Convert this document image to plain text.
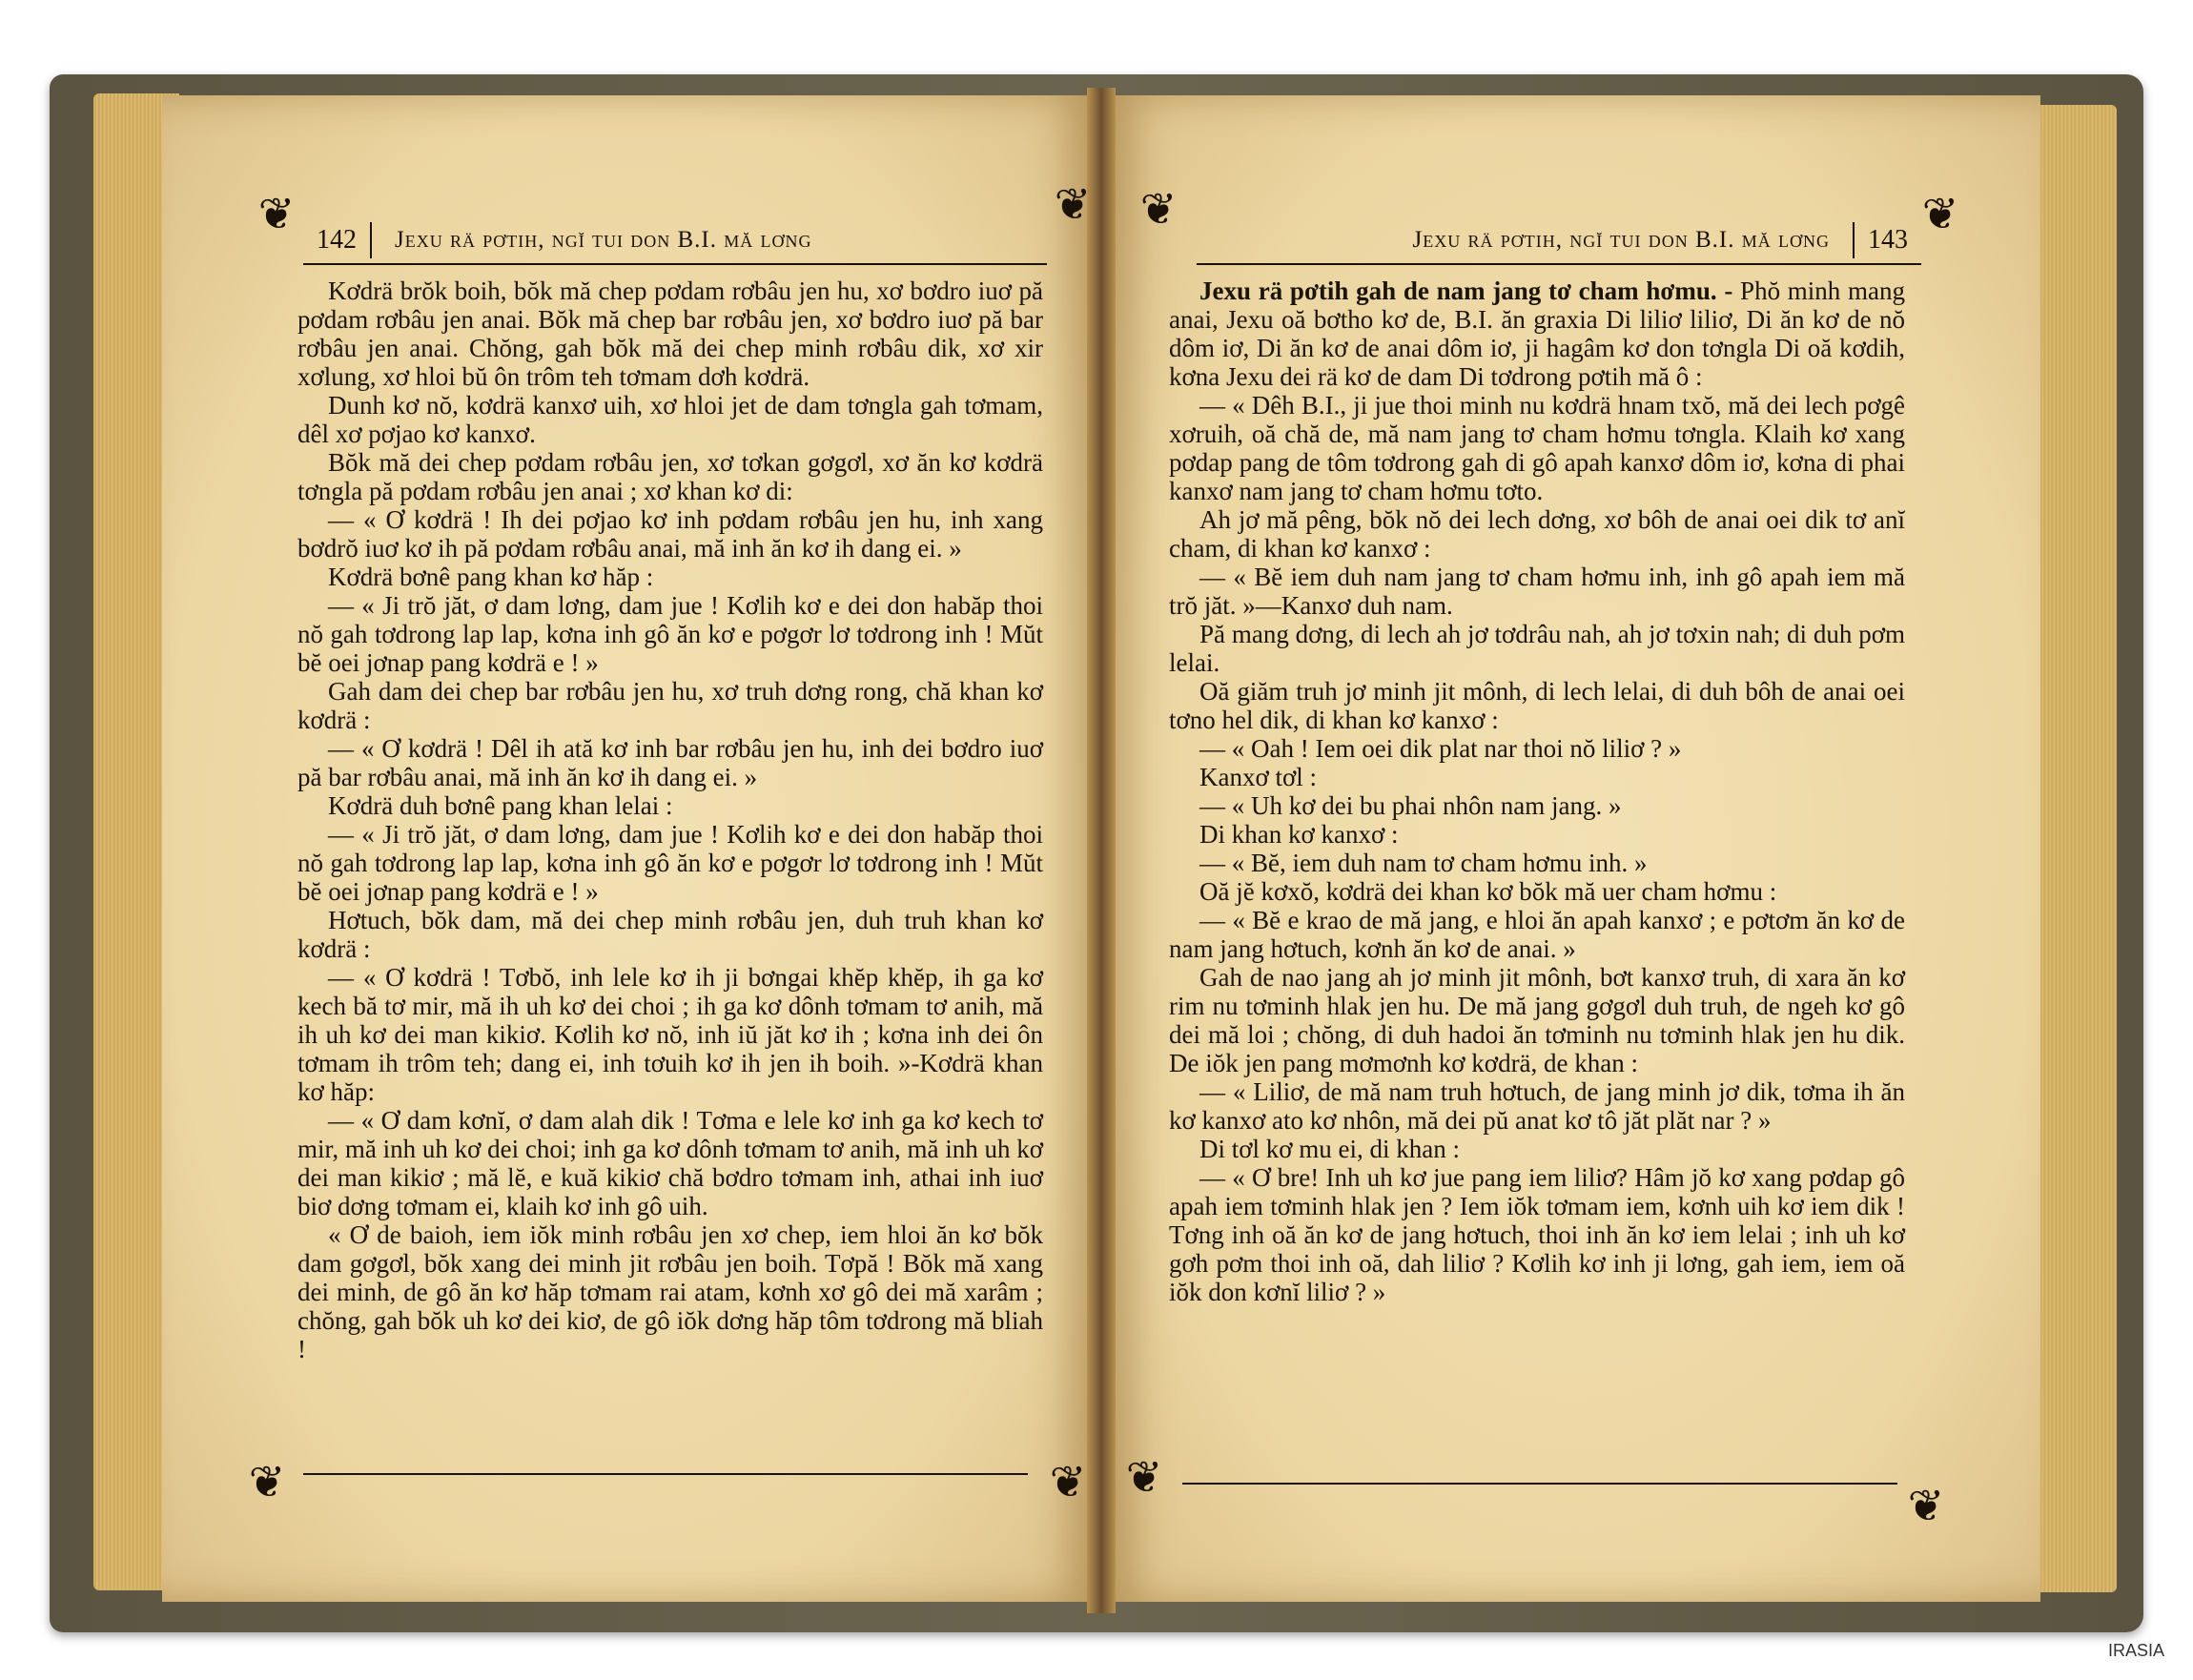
❦	❦	❦	❦
❦	❦ ❦
❦
142	Jexu rä pơtih, ngĭ tui don B.I. mă lơng	Jexu rä pơtih, ngĭ tui don B.I. mă lơng	143

Kơdrä brŏk boih, bŏk mă chep pơdam rơbâu jen hu, xơ bơdro iuơ pă pơdam rơbâu jen anai. Bŏk mă chep bar rơbâu jen, xơ bơdro iuơ pă bar rơbâu jen anai. Chŏng, gah bŏk mă dei chep minh rơbâu dik, xơ xir xơlung, xơ hloi bŭ ôn trôm teh tơmam dơh kơdrä.

Dunh kơ nŏ, kơdrä kanxơ uih, xơ hloi jet de dam tơngla gah tơmam, dêl xơ pơjao kơ kanxơ.

Bŏk mă dei chep pơdam rơbâu jen, xơ tơkan gơgơl, xơ ăn kơ kơdrä tơngla pă pơdam rơbâu jen anai ; xơ khan kơ di:

— « Ơ kơdrä ! Ih dei pơjao kơ inh pơdam rơbâu jen hu, inh xang bơdrŏ iuơ kơ ih pă pơdam rơbâu anai, mă inh ăn kơ ih dang ei. »

Kơdrä bơnê pang khan kơ hăp :

— « Ji trŏ jăt, ơ dam lơng, dam jue ! Kơlih kơ e dei don habăp thoi nŏ gah tơdrong lap lap, kơna inh gô ăn kơ e pơgơr lơ tơdrong inh ! Mŭt bĕ oei jơnap pang kơdrä e ! »

Gah dam dei chep bar rơbâu jen hu, xơ truh dơng rong, chă khan kơ kơdrä :

— « Ơ kơdrä ! Dêl ih ată kơ inh bar rơbâu jen hu, inh dei bơdro iuơ pă bar rơbâu anai, mă inh ăn kơ ih dang ei. »

Kơdrä duh bơnê pang khan lelai :

— « Ji trŏ jăt, ơ dam lơng, dam jue ! Kơlih kơ e dei don habăp thoi nŏ gah tơdrong lap lap, kơna inh gô ăn kơ e pơgơr lơ tơdrong inh ! Mŭt bĕ oei jơnap pang kơdrä e ! »

Hơtuch, bŏk dam, mă dei chep minh rơbâu jen, duh truh khan kơ kơdrä :

— « Ơ kơdrä ! Tơbŏ, inh lele kơ ih ji bơngai khĕp khĕp, ih ga kơ kech bă tơ mir, mă ih uh kơ dei choi ; ih ga kơ dônh tơmam tơ anih, mă ih uh kơ dei man kikiơ. Kơlih kơ nŏ, inh iŭ jăt kơ ih ; kơna inh dei ôn tơmam ih trôm teh; dang ei, inh tơuih kơ ih jen ih boih. »-Kơdrä khan kơ hăp:

— « Ơ dam kơnĭ, ơ dam alah dik ! Tơma e lele kơ inh ga kơ kech tơ mir, mă inh uh kơ dei choi; inh ga kơ dônh tơmam tơ anih, mă inh uh kơ dei man kikiơ ; mă lĕ, e kuă kikiơ chă bơdro tơmam inh, athai inh iuơ biơ dơng tơmam ei, klaih kơ inh gô uih.

« Ơ de baioh, iem iŏk minh rơbâu jen xơ chep, iem hloi ăn kơ bŏk dam gơgơl, bŏk xang dei minh jit rơbâu jen boih. Tơpă ! Bŏk mă xang dei minh, de gô ăn kơ hăp tơmam rai atam, kơnh xơ gô dei mă xarâm ; chŏng, gah bŏk uh kơ dei kiơ, de gô iŏk dơng hăp tôm tơdrong mă bliah !

Jexu rä pơtih gah de nam jang tơ cham hơmu. - Phŏ minh mang anai, Jexu oă bơtho kơ de, B.I. ăn graxia Di liliơ liliơ, Di ăn kơ de nŏ dôm iơ, Di ăn kơ de anai dôm iơ, ji hagâm kơ don tơngla Di oă kơdih, kơna Jexu dei rä kơ de dam Di tơdrong pơtih mă ô :

— « Dêh B.I., ji jue thoi minh nu kơdrä hnam txŏ, mă dei lech pơgê xơruih, oă chă de, mă nam jang tơ cham hơmu tơngla. Klaih kơ xang pơdap pang de tôm tơdrong gah di gô apah kanxơ dôm iơ, kơna di phai kanxơ nam jang tơ cham hơmu tơto.

Ah jơ mă pêng, bŏk nŏ dei lech dơng, xơ bôh de anai oei dik tơ anĭ cham, di khan kơ kanxơ :

— « Bĕ iem duh nam jang tơ cham hơmu inh, inh gô apah iem mă trŏ jăt. »—Kanxơ duh nam.

Pă mang dơng, di lech ah jơ tơdrâu nah, ah jơ tơxin nah; di duh pơm lelai.

Oă giăm truh jơ minh jit mônh, di lech lelai, di duh bôh de anai oei tơno hel dik, di khan kơ kanxơ :

— « Oah ! Iem oei dik plat nar thoi nŏ liliơ ? »

Kanxơ tơl :

— « Uh kơ dei bu phai nhôn nam jang. »

Di khan kơ kanxơ :

— « Bĕ, iem duh nam tơ cham hơmu inh. »

Oă jĕ kơxŏ, kơdrä dei khan kơ bŏk mă uer cham hơmu :

— « Bĕ e krao de mă jang, e hloi ăn apah kanxơ ; e pơtơm ăn kơ de nam jang hơtuch, kơnh ăn kơ de anai. »

Gah de nao jang ah jơ minh jit mônh, bơt kanxơ truh, di xara ăn kơ rim nu tơminh hlak jen hu. De mă jang gơgơl duh truh, de ngeh kơ gô dei mă loi ; chŏng, di duh hadoi ăn tơminh nu tơminh hlak jen hu dik. De iŏk jen pang mơmơnh kơ kơdrä, de khan :

— « Liliơ, de mă nam truh hơtuch, de jang minh jơ dik, tơma ih ăn kơ kanxơ ato kơ nhôn, mă dei pŭ anat kơ tô jăt plăt nar ? »

Di tơl kơ mu ei, di khan :

— « Ơ bre! Inh uh kơ jue pang iem liliơ? Hâm jŏ kơ xang pơdap gô apah iem tơminh hlak jen ? Iem iŏk tơmam iem, kơnh uih kơ iem dik ! Tơng inh oă ăn kơ de jang hơtuch, thoi inh ăn kơ iem lelai ; inh uh kơ gơh pơm thoi inh oă, dah liliơ ? Kơlih kơ inh ji lơng, gah iem, iem oă iŏk don kơnĭ liliơ ? »

IRASIA
